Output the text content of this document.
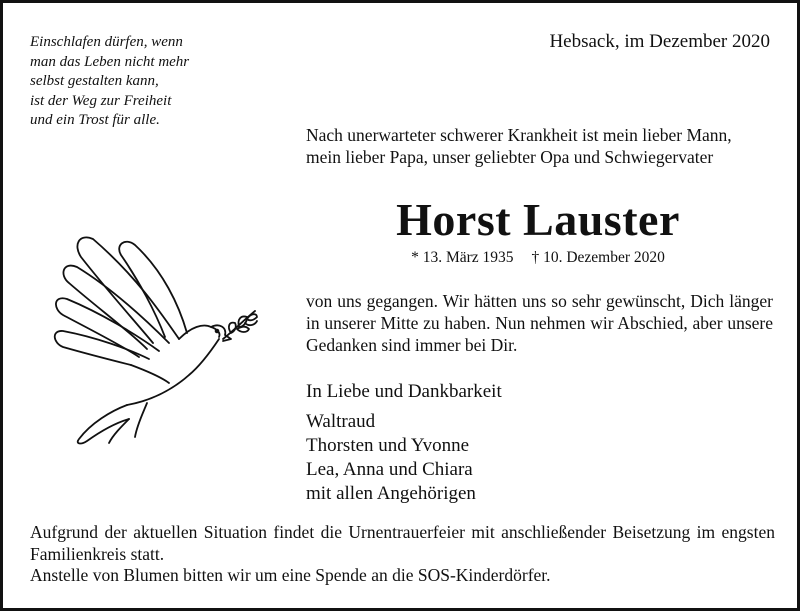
Einschlafen dürfen, wenn
man das Leben nicht mehr
selbst gestalten kann,
ist der Weg zur Freiheit
und ein Trost für alle.
Hebsack, im Dezember 2020
Nach unerwarteter schwerer Krankheit ist mein lieber Mann,
mein lieber Papa, unser geliebter Opa und Schwiegervater
Horst Lauster
* 13. März 1935 † 10. Dezember 2020
von uns gegangen. Wir hätten uns so sehr gewünscht, Dich länger in unserer Mitte zu haben. Nun nehmen wir Abschied, aber unsere Gedanken sind immer bei Dir.
In Liebe und Dankbarkeit
Waltraud
Thorsten und Yvonne
Lea, Anna und Chiara
mit allen Angehörigen
Aufgrund der aktuellen Situation findet die Urnentrauerfeier mit anschließender Beisetzung im engsten Familienkreis statt.
Anstelle von Blumen bitten wir um eine Spende an die SOS-Kinderdörfer.
